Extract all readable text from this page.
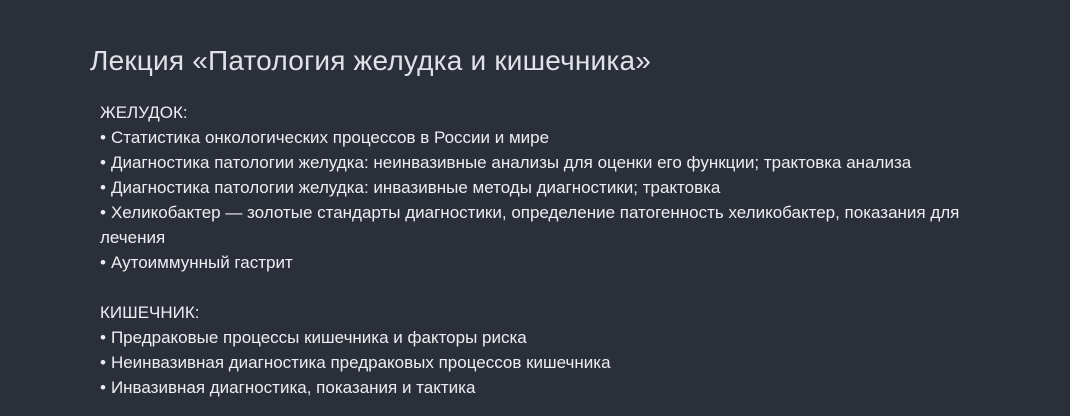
Лекция «Патология желудка и кишечника»

ЖЕЛУДОК:

• Статистика онкологических процессов в России и мире

• Диагностика патологии желудка: неинвазивные анализы для оценки его функции; трактовка анализа

• Диагностика патологии желудка: инвазивные методы диагностики; трактовка

• Хеликобактер — золотые стандарты диагностики, определение патогенность хеликобактер, показания для лечения

• Аутоиммунный гастрит

КИШЕЧНИК:

• Предраковые процессы кишечника и факторы риска

• Неинвазивная диагностика предраковых процессов кишечника

• Инвазивная диагностика, показания и тактика
